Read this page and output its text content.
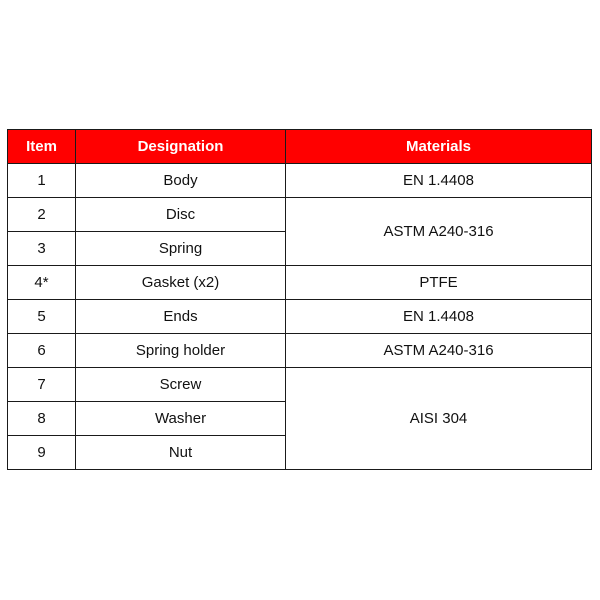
Item	Designation	Materials
1	Body	EN 1.4408
2	Disc	ASTM A240-316
3	Spring	
4*	Gasket (x2)	PTFE
5	Ends	EN 1.4408
6	Spring holder	ASTM A240-316
7	Screw	AISI 304
8	Washer	
9	Nut	
